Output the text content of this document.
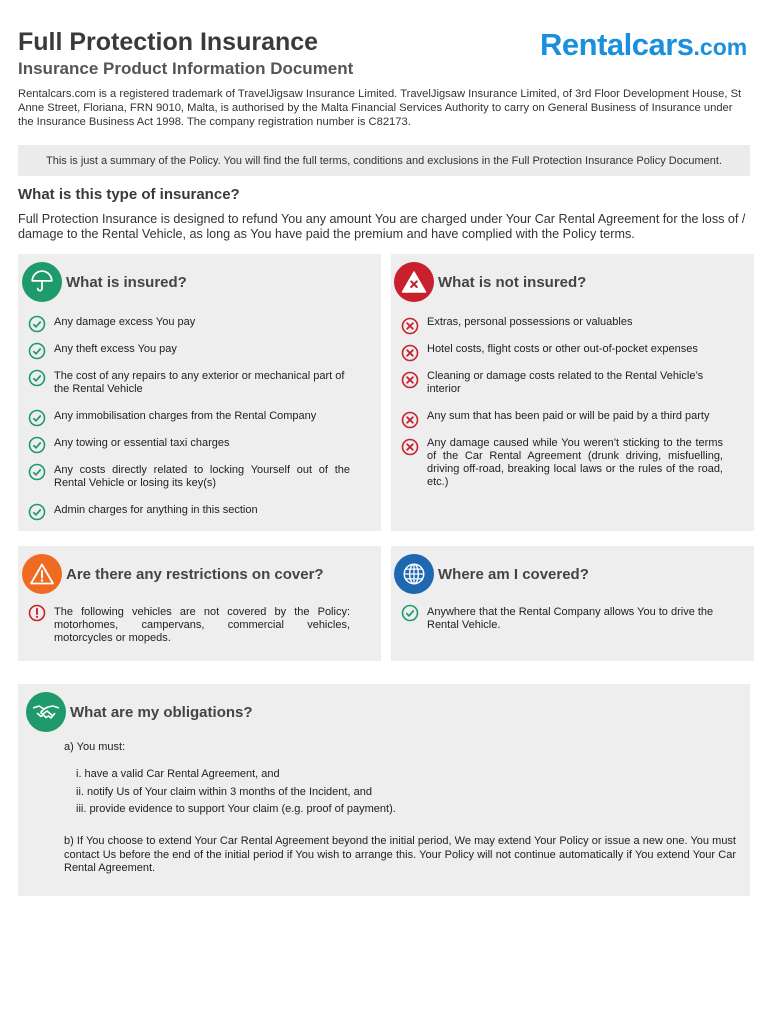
Full Protection Insurance
Insurance Product Information Document
Rentalcars.com

Rentalcars.com is a registered trademark of TravelJigsaw Insurance Limited. TravelJigsaw Insurance Limited, of 3rd Floor Development House, St Anne Street, Floriana, FRN 9010, Malta, is authorised by the Malta Financial Services Authority to carry on General Business of Insurance under the Insurance Business Act 1998. The company registration number is C82173.

This is just a summary of the Policy. You will find the full terms, conditions and exclusions in the Full Protection Insurance Policy Document.
What is this type of insurance?

Full Protection Insurance is designed to refund You any amount You are charged under Your Car Rental Agreement for the loss of / damage to the Rental Vehicle, as long as You have paid the premium and have complied with the Policy terms.

What is insured?
Any damage excess You pay
Any theft excess You pay
The cost of any repairs to any exterior or mechanical part of the Rental Vehicle
Any immobilisation charges from the Rental Company
Any towing or essential taxi charges
Any costs directly related to locking Yourself out of the Rental Vehicle or losing its key(s)
Admin charges for anything in this section
What is not insured?
Extras, personal possessions or valuables
Hotel costs, flight costs or other out-of-pocket expenses
Cleaning or damage costs related to the Rental Vehicle’s interior
Any sum that has been paid or will be paid by a third party
Any damage caused while You weren’t sticking to the terms of the Car Rental Agreement (drunk driving, misfuelling, driving off-road, breaking local laws or the rules of the road, etc.)
Are there any restrictions on cover?
The following vehicles are not covered by the Policy: motorhomes, campervans, commercial vehicles, motorcycles or mopeds.
Where am I covered?
Anywhere that the Rental Company allows You to drive the Rental Vehicle.
What are my obligations?

a) You must:

i. have a valid Car Rental Agreement, and

ii. notify Us of Your claim within 3 months of the Incident, and

iii. provide evidence to support Your claim (e.g. proof of payment).

b) If You choose to extend Your Car Rental Agreement beyond the initial period, We may extend Your Policy or issue a new one. You must contact Us before the end of the initial period if You wish to arrange this. Your Policy will not continue automatically if You extend Your Car Rental Agreement.
